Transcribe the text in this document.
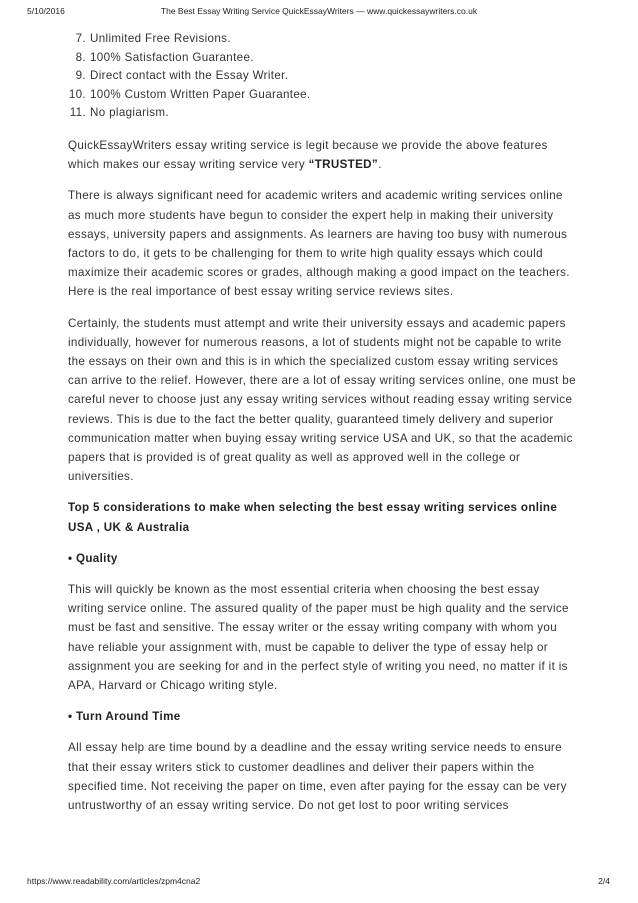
5/10/2016	The Best Essay Writing Service QuickEssayWriters — www.quickessaywriters.co.uk
7. Unlimited Free Revisions.
8. 100% Satisfaction Guarantee.
9. Direct contact with the Essay Writer.
10. 100% Custom Written Paper Guarantee.
11. No plagiarism.

QuickEssayWriters essay writing service is legit because we provide the above features which makes our essay writing service very “TRUSTED”.

There is always significant need for academic writers and academic writing services online as much more students have begun to consider the expert help in making their university essays, university papers and assignments. As learners are having too busy with numerous factors to do, it gets to be challenging for them to write high quality essays which could maximize their academic scores or grades, although making a good impact on the teachers. Here is the real importance of best essay writing service reviews sites.

Certainly, the students must attempt and write their university essays and academic papers individually, however for numerous reasons, a lot of students might not be capable to write the essays on their own and this is in which the specialized custom essay writing services can arrive to the relief. However, there are a lot of essay writing services online, one must be careful never to choose just any essay writing services without reading essay writing service reviews. This is due to the fact the better quality, guaranteed timely delivery and superior communication matter when buying essay writing service USA and UK, so that the academic papers that is provided is of great quality as well as approved well in the college or universities.

Top 5 considerations to make when selecting the best essay writing services online USA , UK & Australia

• Quality

This will quickly be known as the most essential criteria when choosing the best essay writing service online. The assured quality of the paper must be high quality and the service must be fast and sensitive. The essay writer or the essay writing company with whom you have reliable your assignment with, must be capable to deliver the type of essay help or assignment you are seeking for and in the perfect style of writing you need, no matter if it is APA, Harvard or Chicago writing style.

• Turn Around Time

All essay help are time bound by a deadline and the essay writing service needs to ensure that their essay writers stick to customer deadlines and deliver their papers within the specified time. Not receiving the paper on time, even after paying for the essay can be very untrustworthy of an essay writing service. Do not get lost to poor writing services

https://www.readability.com/articles/zpm4cna2	2/4
